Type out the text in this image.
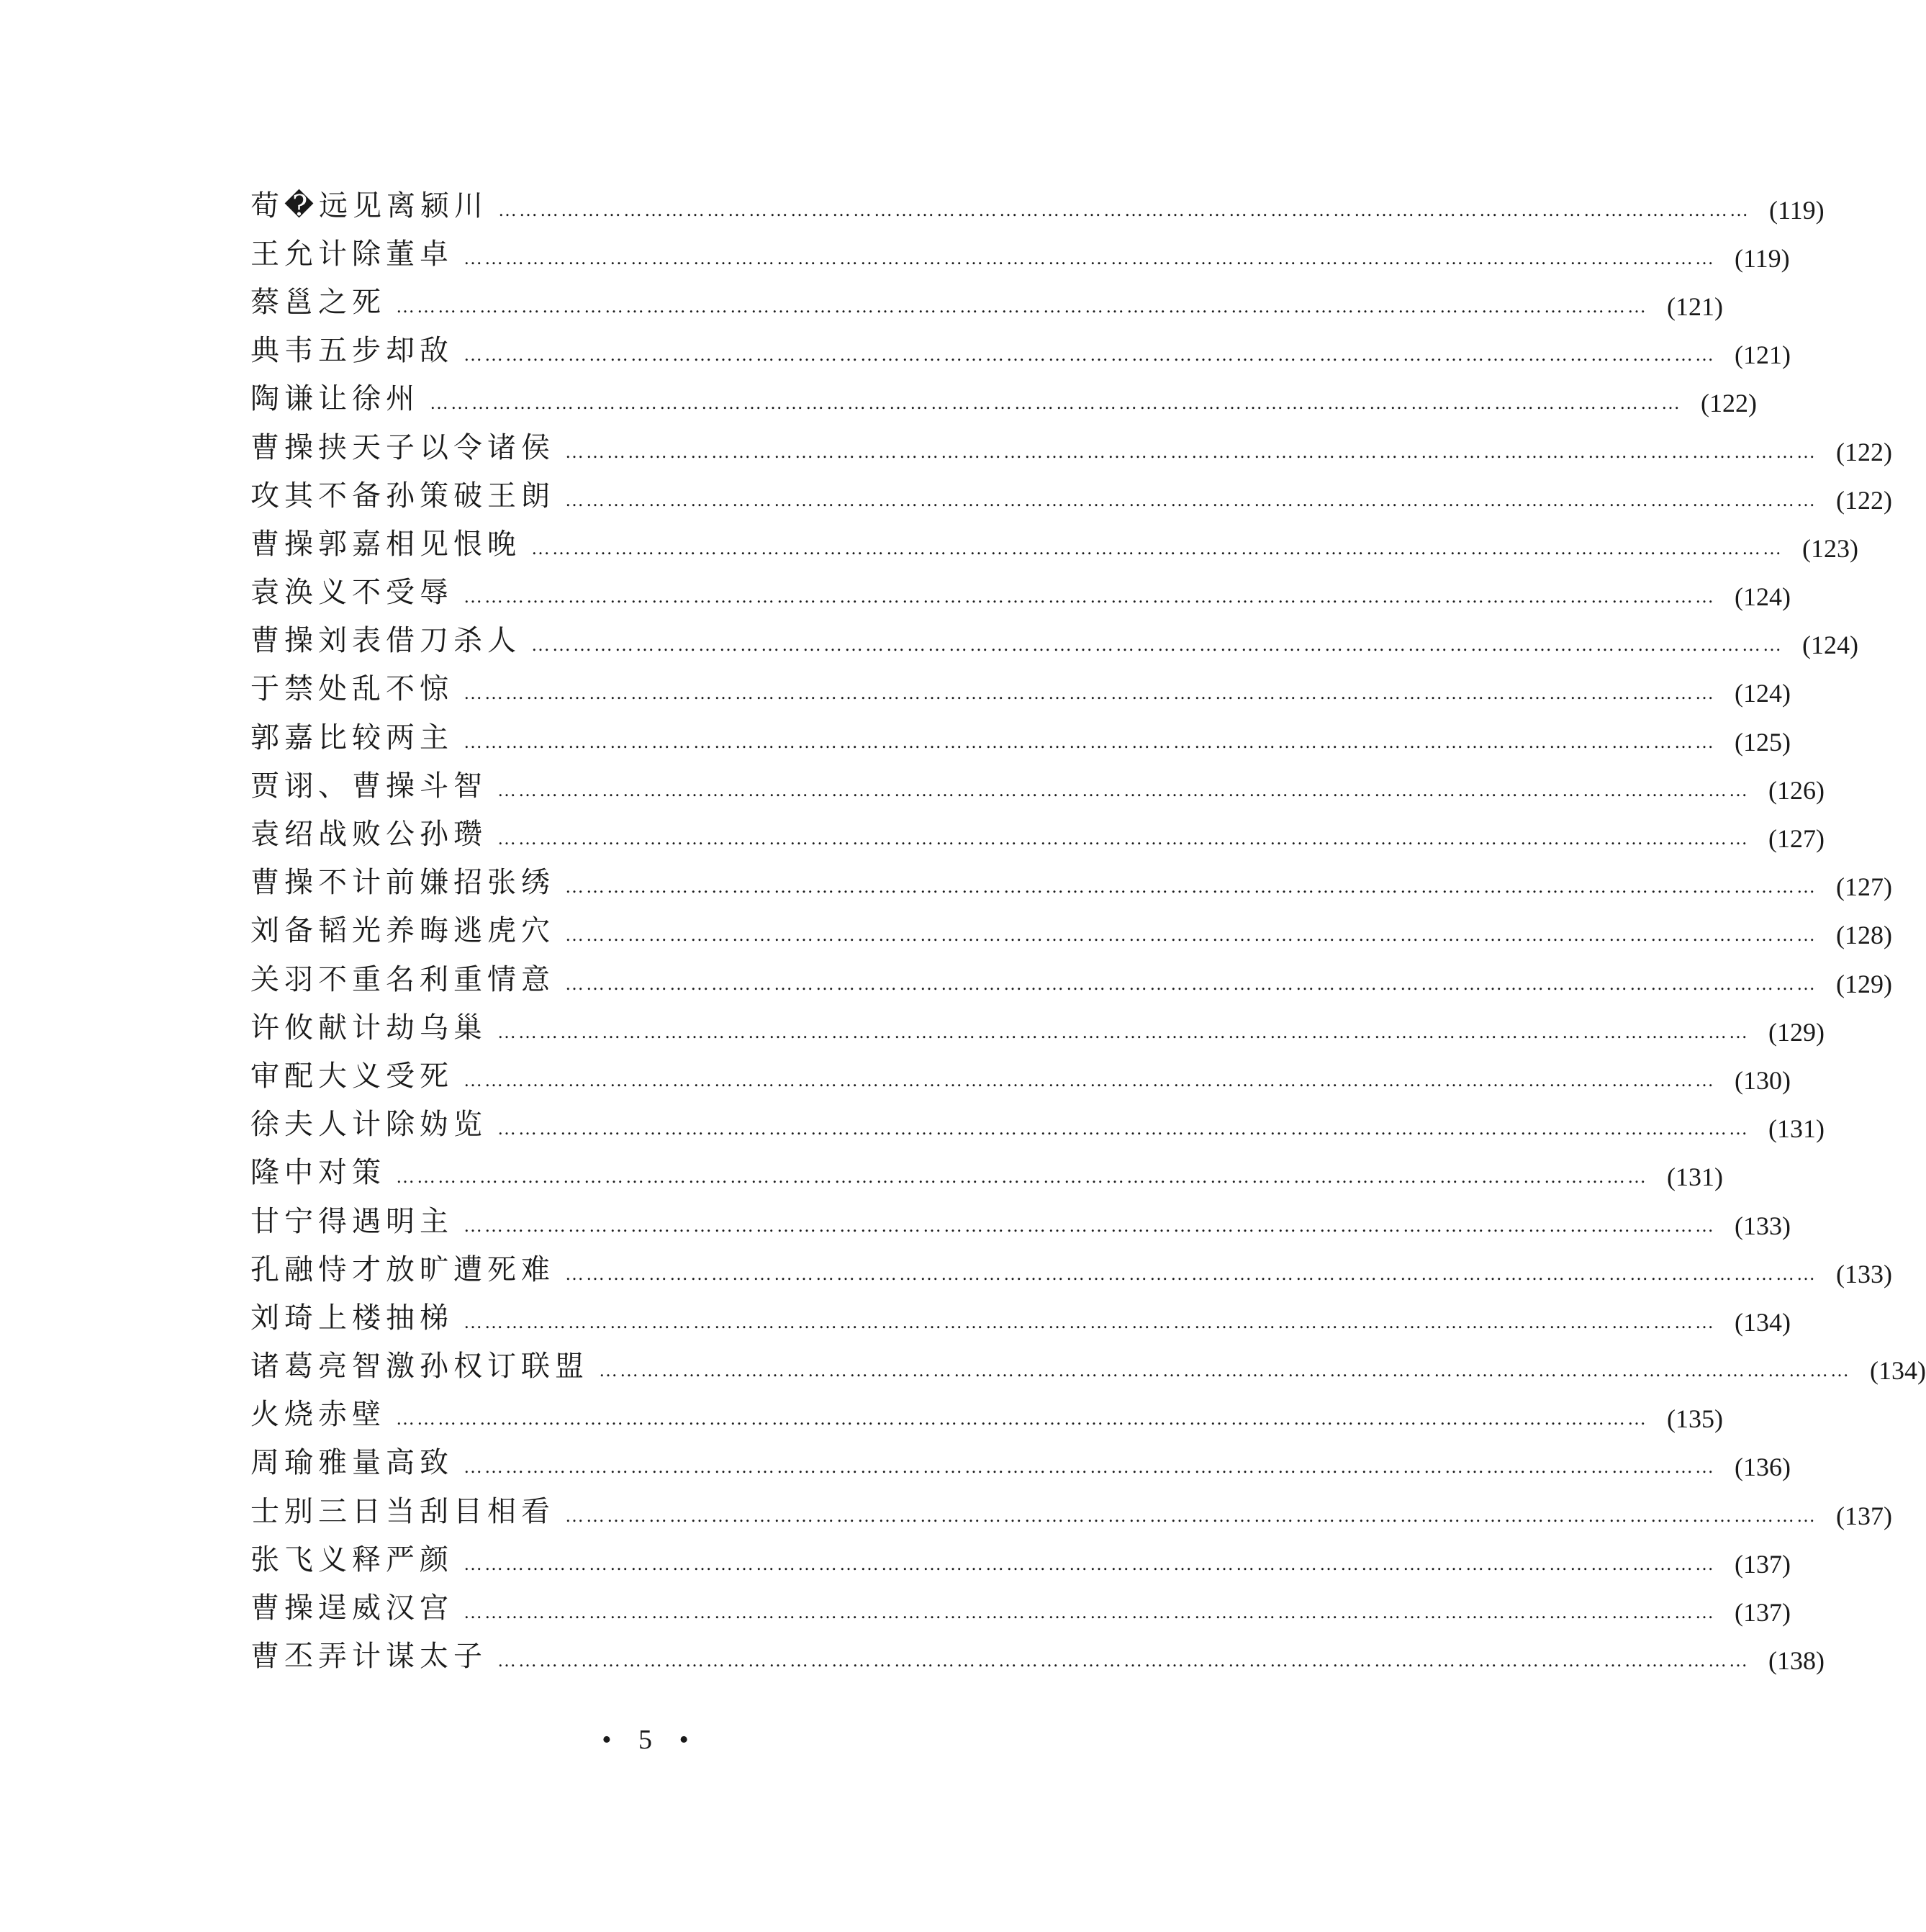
荀�远见离颍川 ……………………………………………………………………………………………………………………………………………………………… (119)
王允计除董卓 ……………………………………………………………………………………………………………………………………………………………… (119)
蔡邕之死 ……………………………………………………………………………………………………………………………………………………………… (121)
典韦五步却敌 ……………………………………………………………………………………………………………………………………………………………… (121)
陶谦让徐州 ……………………………………………………………………………………………………………………………………………………………… (122)
曹操挟天子以令诸侯 ……………………………………………………………………………………………………………………………………………………………… (122)
攻其不备孙策破王朗 ……………………………………………………………………………………………………………………………………………………………… (122)
曹操郭嘉相见恨晚 ……………………………………………………………………………………………………………………………………………………………… (123)
袁涣义不受辱 ……………………………………………………………………………………………………………………………………………………………… (124)
曹操刘表借刀杀人 ……………………………………………………………………………………………………………………………………………………………… (124)
于禁处乱不惊 ……………………………………………………………………………………………………………………………………………………………… (124)
郭嘉比较两主 ……………………………………………………………………………………………………………………………………………………………… (125)
贾诩、曹操斗智 ……………………………………………………………………………………………………………………………………………………………… (126)
袁绍战败公孙瓒 ……………………………………………………………………………………………………………………………………………………………… (127)
曹操不计前嫌招张绣 ……………………………………………………………………………………………………………………………………………………………… (127)
刘备韬光养晦逃虎穴 ……………………………………………………………………………………………………………………………………………………………… (128)
关羽不重名利重情意 ……………………………………………………………………………………………………………………………………………………………… (129)
许攸献计劫乌巢 ……………………………………………………………………………………………………………………………………………………………… (129)
审配大义受死 ……………………………………………………………………………………………………………………………………………………………… (130)
徐夫人计除妫览 ……………………………………………………………………………………………………………………………………………………………… (131)
隆中对策 ……………………………………………………………………………………………………………………………………………………………… (131)
甘宁得遇明主 ……………………………………………………………………………………………………………………………………………………………… (133)
孔融恃才放旷遭死难 ……………………………………………………………………………………………………………………………………………………………… (133)
刘琦上楼抽梯 ……………………………………………………………………………………………………………………………………………………………… (134)
诸葛亮智激孙权订联盟 ……………………………………………………………………………………………………………………………………………………………… (134)
火烧赤壁 ……………………………………………………………………………………………………………………………………………………………… (135)
周瑜雅量高致 ……………………………………………………………………………………………………………………………………………………………… (136)
士别三日当刮目相看 ……………………………………………………………………………………………………………………………………………………………… (137)
张飞义释严颜 ……………………………………………………………………………………………………………………………………………………………… (137)
曹操逞威汉宫 ……………………………………………………………………………………………………………………………………………………………… (137)
曹丕弄计谋太子 ……………………………………………………………………………………………………………………………………………………………… (138)
• 5 •
